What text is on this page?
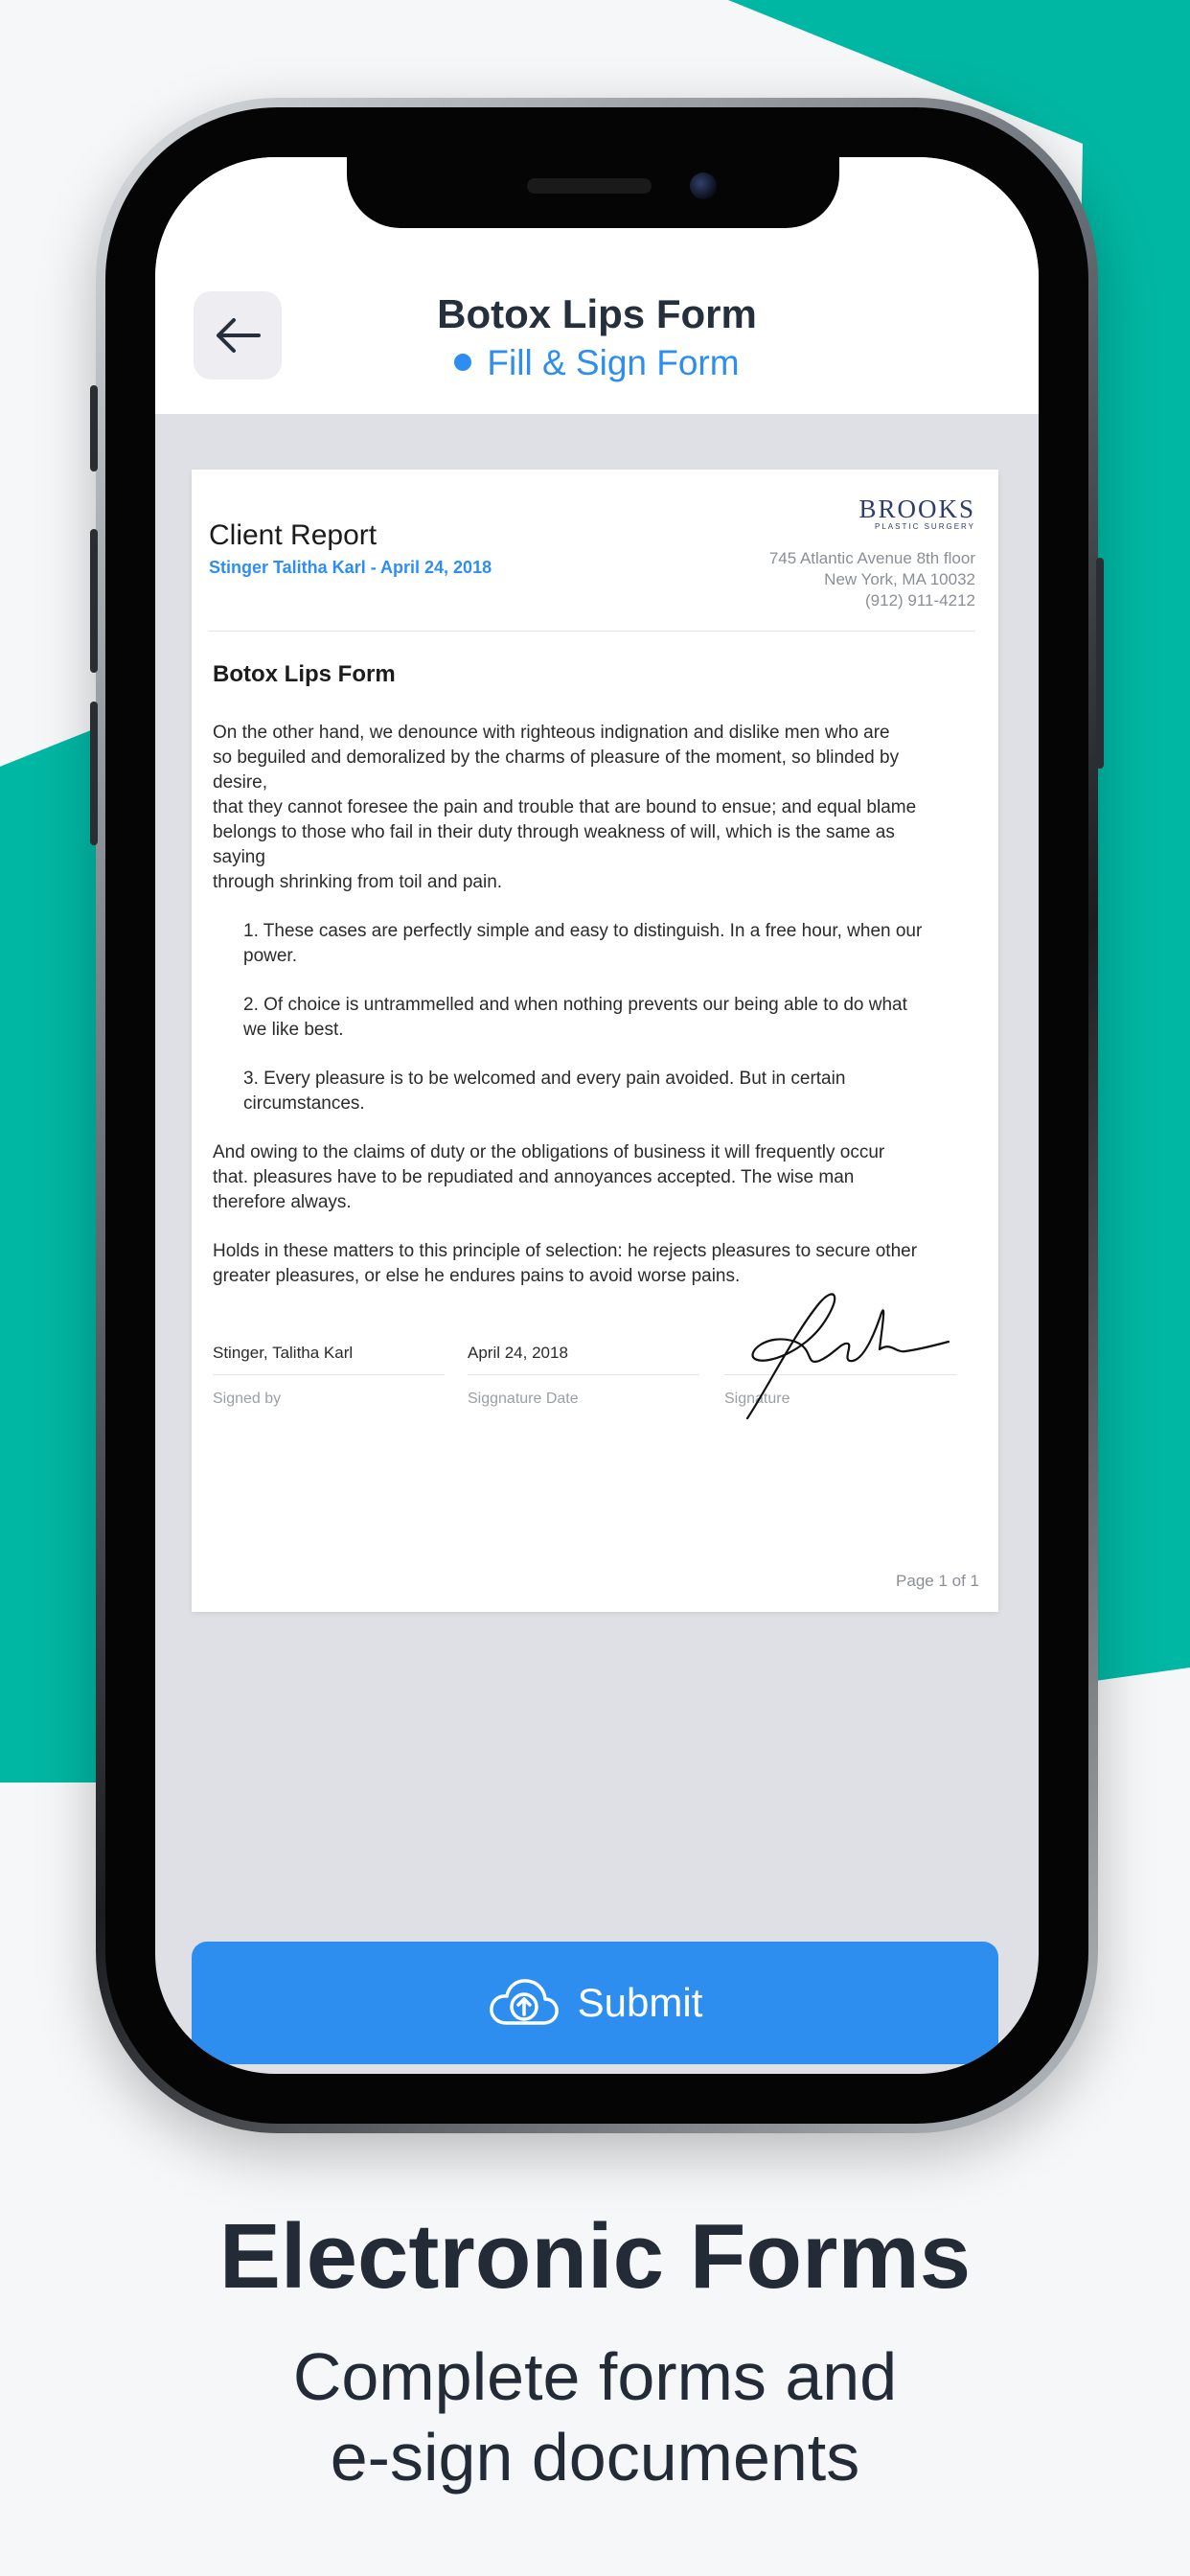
Botox Lips Form
Fill & Sign Form
Client Report
Stinger Talitha Karl - April 24, 2018
BROOKS
PLASTIC SURGERY
745 Atlantic Avenue 8th floor
New York, MA 10032
(912) 911-4212
Botox Lips Form

On the other hand, we denounce with righteous indignation and dislike men who are
so beguiled and demoralized by the charms of pleasure of the moment, so blinded by
desire,
that they cannot foresee the pain and trouble that are bound to ensue; and equal blame
belongs to those who fail in their duty through weakness of will, which is the same as
saying
through shrinking from toil and pain.

1. These cases are perfectly simple and easy to distinguish. In a free hour, when our
power.

2. Of choice is untrammelled and when nothing prevents our being able to do what
we like best.

3. Every pleasure is to be welcomed and every pain avoided. But in certain
circumstances.

And owing to the claims of duty or the obligations of business it will frequently occur
that. pleasures have to be repudiated and annoyances accepted. The wise man
therefore always.

Holds in these matters to this principle of selection: he rejects pleasures to secure other
greater pleasures, or else he endures pains to avoid worse pains.

Stinger, Talitha Karl
Signed by
April 24, 2018
Siggnature Date	Signature
Page 1 of 1
Submit
Electronic Forms
Complete forms and
e-sign documents
